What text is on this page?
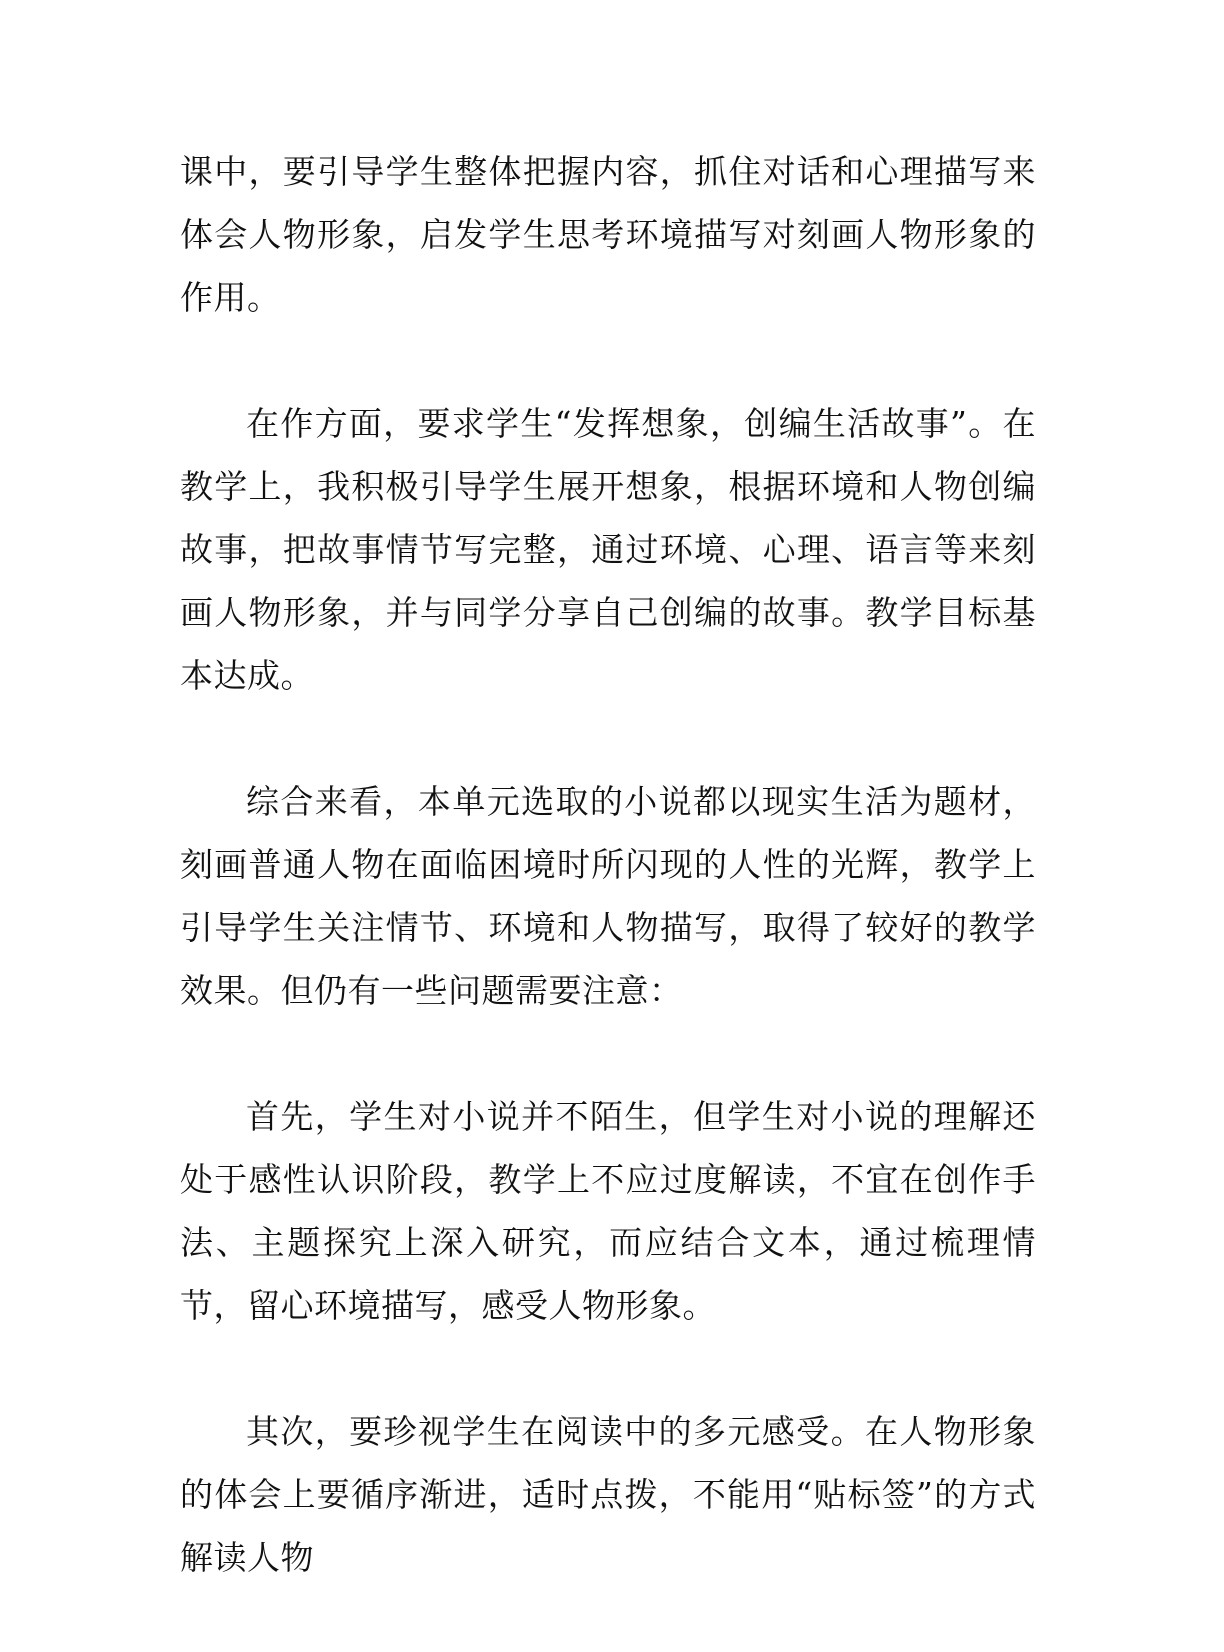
课中，要引导学生整体把握内容，抓住对话和心理描写来体会人物形象，启发学生思考环境描写对刻画人物形象的作用。

在作方面，要求学生“发挥想象，创编生活故事”。在教学上，我积极引导学生展开想象，根据环境和人物创编故事，把故事情节写完整，通过环境、心理、语言等来刻画人物形象，并与同学分享自己创编的故事。教学目标基本达成。

综合来看，本单元选取的小说都以现实生活为题材，刻画普通人物在面临困境时所闪现的人性的光辉，教学上引导学生关注情节、环境和人物描写，取得了较好的教学效果。但仍有一些问题需要注意：

首先，学生对小说并不陌生，但学生对小说的理解还处于感性认识阶段，教学上不应过度解读，不宜在创作手法、主题探究上深入研究，而应结合文本，通过梳理情节，留心环境描写，感受人物形象。

其次，要珍视学生在阅读中的多元感受。在人物形象的体会上要循序渐进，适时点拨，不能用“贴标签”的方式解读人物
